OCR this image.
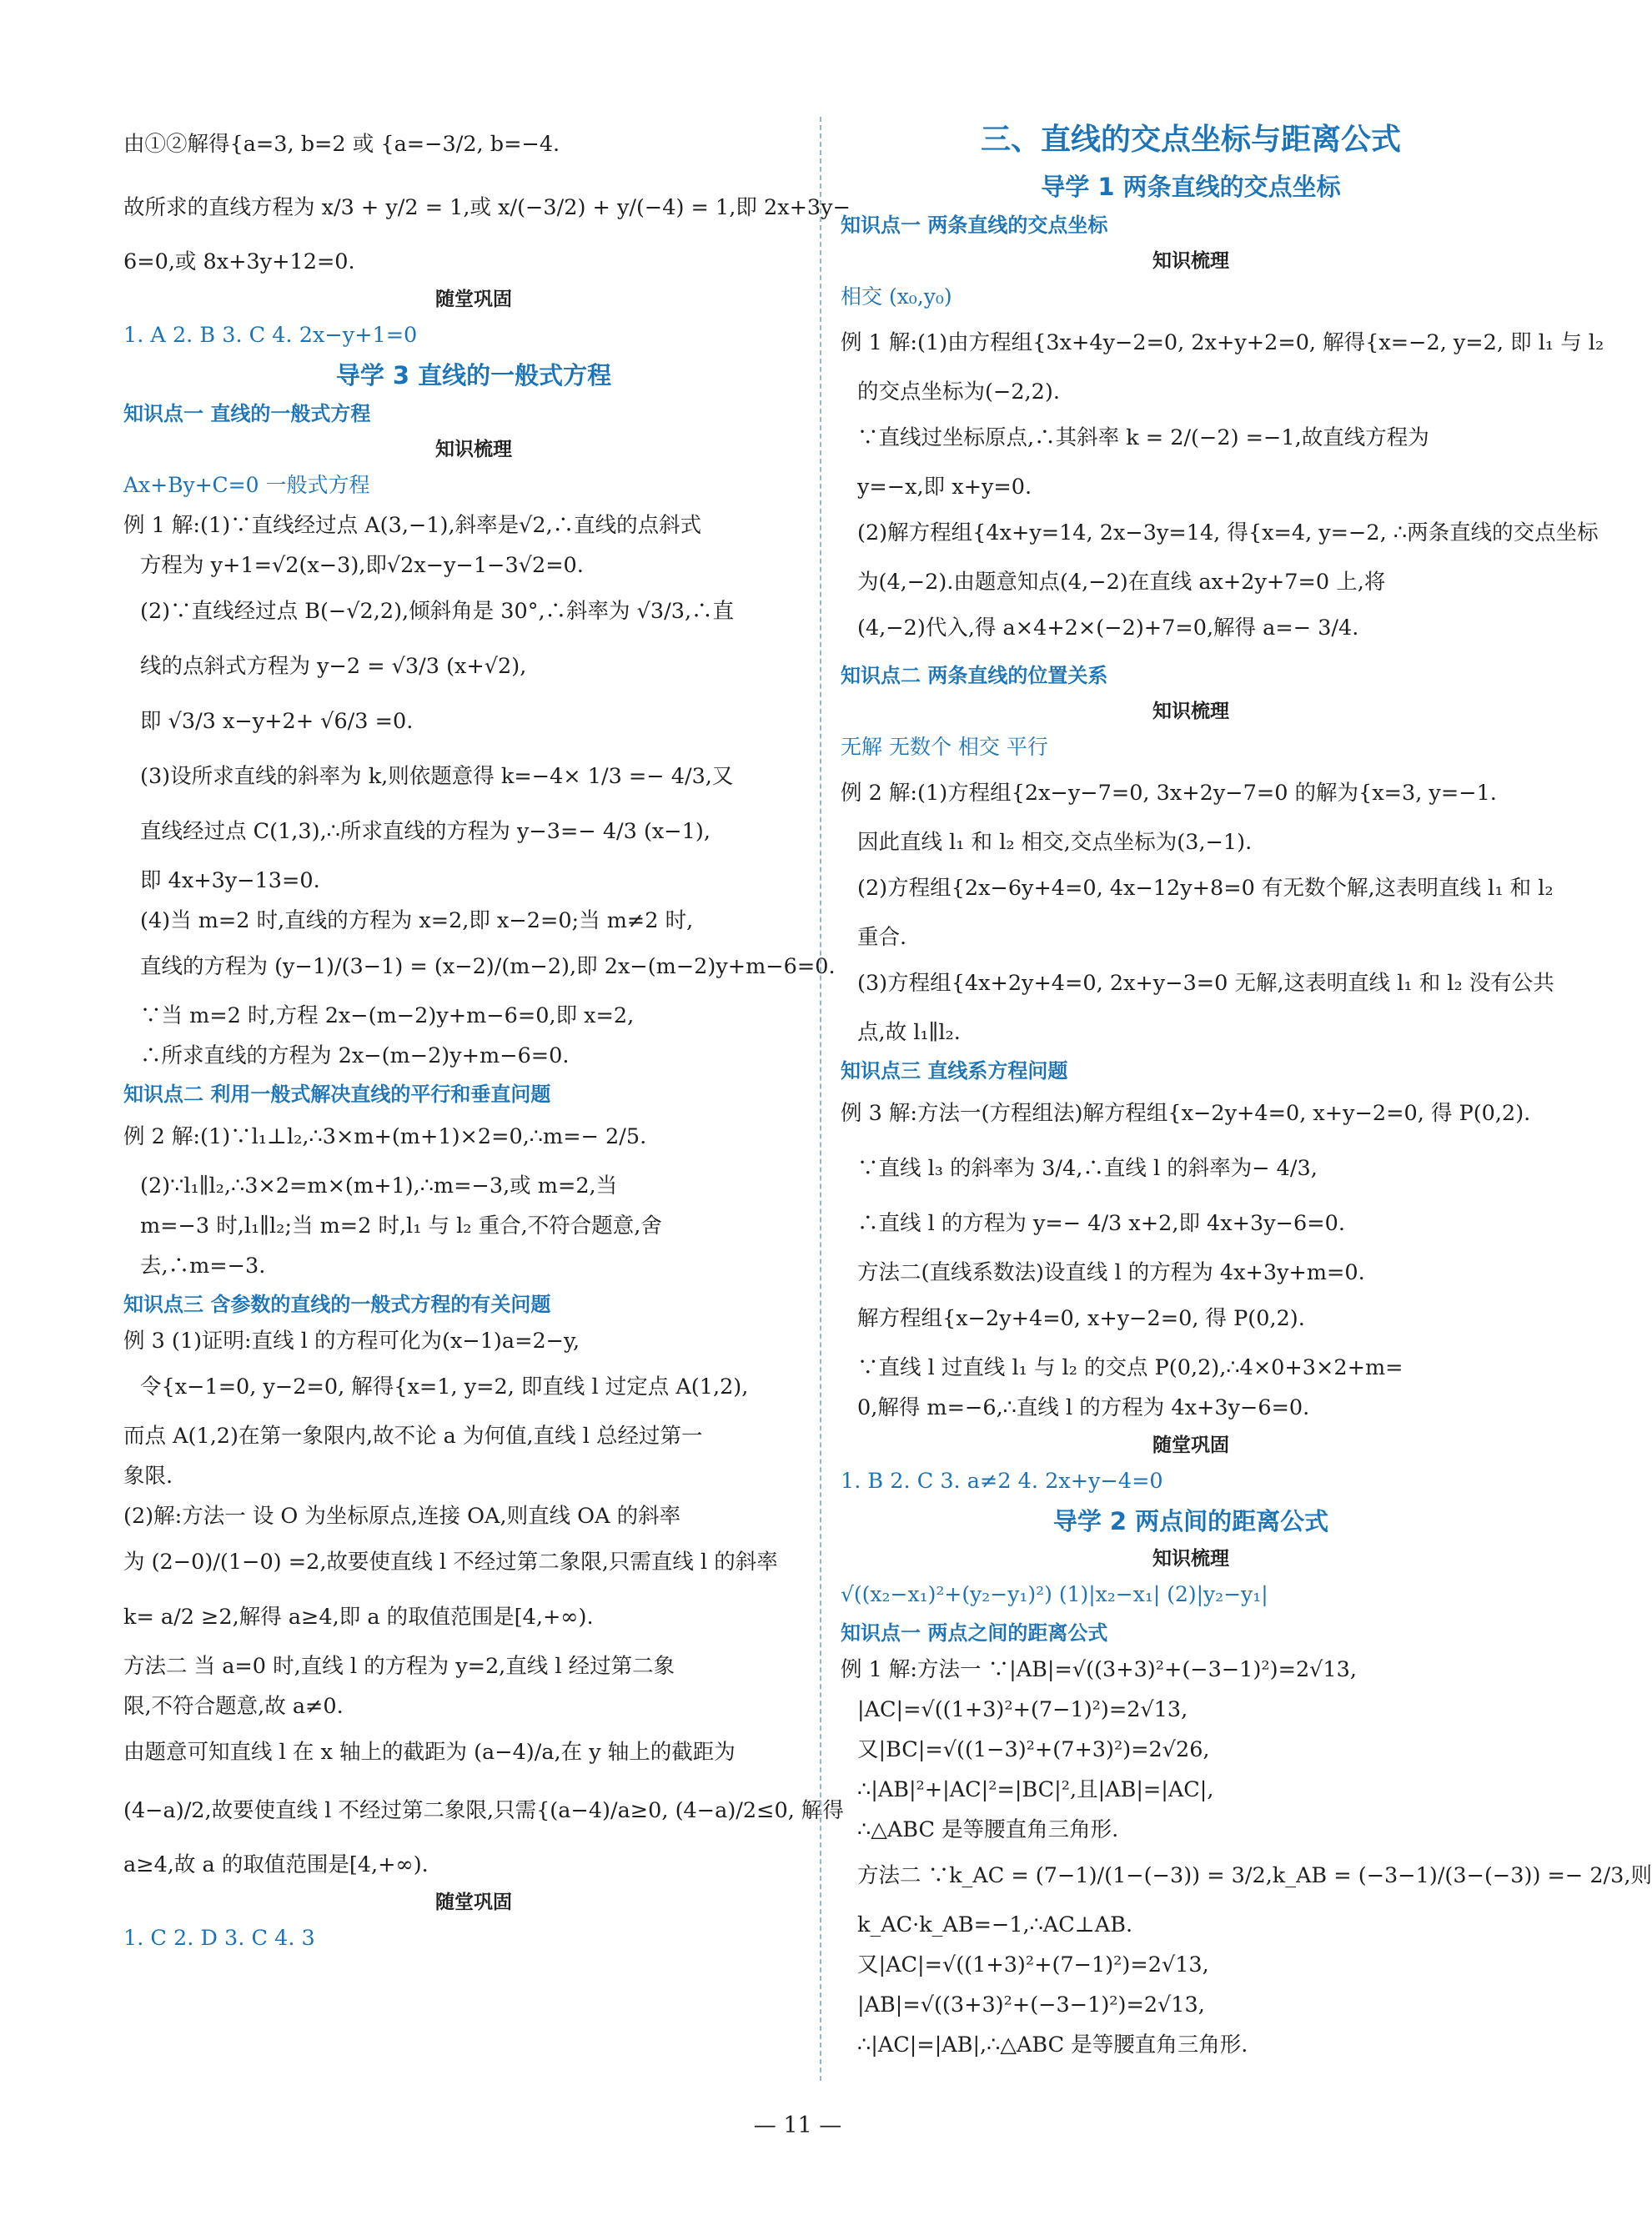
由①②解得{a=3, b=2 或 {a=−3/2, b=−4.
故所求的直线方程为 x/3 + y/2 = 1,或 x/(−3/2) + y/(−4) = 1,即 2x+3y−
6=0,或 8x+3y+12=0.
随堂巩固
1. A 2. B 3. C 4. 2x−y+1=0
导学 3 直线的一般式方程
知识点一 直线的一般式方程
知识梳理
Ax+By+C=0 一般式方程
例 1 解:(1)∵直线经过点 A(3,−1),斜率是√2,∴直线的点斜式
方程为 y+1=√2(x−3),即√2x−y−1−3√2=0.
(2)∵直线经过点 B(−√2,2),倾斜角是 30°,∴斜率为 √3/3,∴直
线的点斜式方程为 y−2 = √3/3 (x+√2),
即 √3/3 x−y+2+ √6/3 =0.
(3)设所求直线的斜率为 k,则依题意得 k=−4× 1/3 =− 4/3,又
直线经过点 C(1,3),∴所求直线的方程为 y−3=− 4/3 (x−1),
即 4x+3y−13=0.
(4)当 m=2 时,直线的方程为 x=2,即 x−2=0;当 m≠2 时,
直线的方程为 (y−1)/(3−1) = (x−2)/(m−2),即 2x−(m−2)y+m−6=0.
∵当 m=2 时,方程 2x−(m−2)y+m−6=0,即 x=2,
∴所求直线的方程为 2x−(m−2)y+m−6=0.
知识点二 利用一般式解决直线的平行和垂直问题
例 2 解:(1)∵l₁⊥l₂,∴3×m+(m+1)×2=0,∴m=− 2/5.
(2)∵l₁∥l₂,∴3×2=m×(m+1),∴m=−3,或 m=2,当
m=−3 时,l₁∥l₂;当 m=2 时,l₁ 与 l₂ 重合,不符合题意,舍
去,∴m=−3.
知识点三 含参数的直线的一般式方程的有关问题
例 3 (1)证明:直线 l 的方程可化为(x−1)a=2−y,
令{x−1=0, y−2=0, 解得{x=1, y=2, 即直线 l 过定点 A(1,2),
而点 A(1,2)在第一象限内,故不论 a 为何值,直线 l 总经过第一
象限.
(2)解:方法一 设 O 为坐标原点,连接 OA,则直线 OA 的斜率
为 (2−0)/(1−0) =2,故要使直线 l 不经过第二象限,只需直线 l 的斜率
k= a/2 ≥2,解得 a≥4,即 a 的取值范围是[4,+∞).
方法二 当 a=0 时,直线 l 的方程为 y=2,直线 l 经过第二象
限,不符合题意,故 a≠0.
由题意可知直线 l 在 x 轴上的截距为 (a−4)/a,在 y 轴上的截距为
(4−a)/2,故要使直线 l 不经过第二象限,只需{(a−4)/a≥0, (4−a)/2≤0, 解得
a≥4,故 a 的取值范围是[4,+∞).
随堂巩固
1. C 2. D 3. C 4. 3
三、直线的交点坐标与距离公式
导学 1 两条直线的交点坐标
知识点一 两条直线的交点坐标
知识梳理
相交 (x₀,y₀)
例 1 解:(1)由方程组{3x+4y−2=0, 2x+y+2=0, 解得{x=−2, y=2, 即 l₁ 与 l₂
的交点坐标为(−2,2).
∵直线过坐标原点,∴其斜率 k = 2/(−2) =−1,故直线方程为
y=−x,即 x+y=0.
(2)解方程组{4x+y=14, 2x−3y=14, 得{x=4, y=−2, ∴两条直线的交点坐标
为(4,−2).由题意知点(4,−2)在直线 ax+2y+7=0 上,将
(4,−2)代入,得 a×4+2×(−2)+7=0,解得 a=− 3/4.
知识点二 两条直线的位置关系
知识梳理
无解 无数个 相交 平行
例 2 解:(1)方程组{2x−y−7=0, 3x+2y−7=0 的解为{x=3, y=−1.
因此直线 l₁ 和 l₂ 相交,交点坐标为(3,−1).
(2)方程组{2x−6y+4=0, 4x−12y+8=0 有无数个解,这表明直线 l₁ 和 l₂
重合.
(3)方程组{4x+2y+4=0, 2x+y−3=0 无解,这表明直线 l₁ 和 l₂ 没有公共
点,故 l₁∥l₂.
知识点三 直线系方程问题
例 3 解:方法一(方程组法)解方程组{x−2y+4=0, x+y−2=0, 得 P(0,2).
∵直线 l₃ 的斜率为 3/4,∴直线 l 的斜率为− 4/3,
∴直线 l 的方程为 y=− 4/3 x+2,即 4x+3y−6=0.
方法二(直线系数法)设直线 l 的方程为 4x+3y+m=0.
解方程组{x−2y+4=0, x+y−2=0, 得 P(0,2).
∵直线 l 过直线 l₁ 与 l₂ 的交点 P(0,2),∴4×0+3×2+m=
0,解得 m=−6,∴直线 l 的方程为 4x+3y−6=0.
随堂巩固
1. B 2. C 3. a≠2 4. 2x+y−4=0
导学 2 两点间的距离公式
知识梳理
√((x₂−x₁)²+(y₂−y₁)²) (1)|x₂−x₁| (2)|y₂−y₁|
知识点一 两点之间的距离公式
例 1 解:方法一 ∵|AB|=√((3+3)²+(−3−1)²)=2√13,
|AC|=√((1+3)²+(7−1)²)=2√13,
又|BC|=√((1−3)²+(7+3)²)=2√26,
∴|AB|²+|AC|²=|BC|²,且|AB|=|AC|,
∴△ABC 是等腰直角三角形.
方法二 ∵k_AC = (7−1)/(1−(−3)) = 3/2,k_AB = (−3−1)/(3−(−3)) =− 2/3,则
k_AC·k_AB=−1,∴AC⊥AB.
又|AC|=√((1+3)²+(7−1)²)=2√13,
|AB|=√((3+3)²+(−3−1)²)=2√13,
∴|AC|=|AB|,∴△ABC 是等腰直角三角形.
— 11 —
